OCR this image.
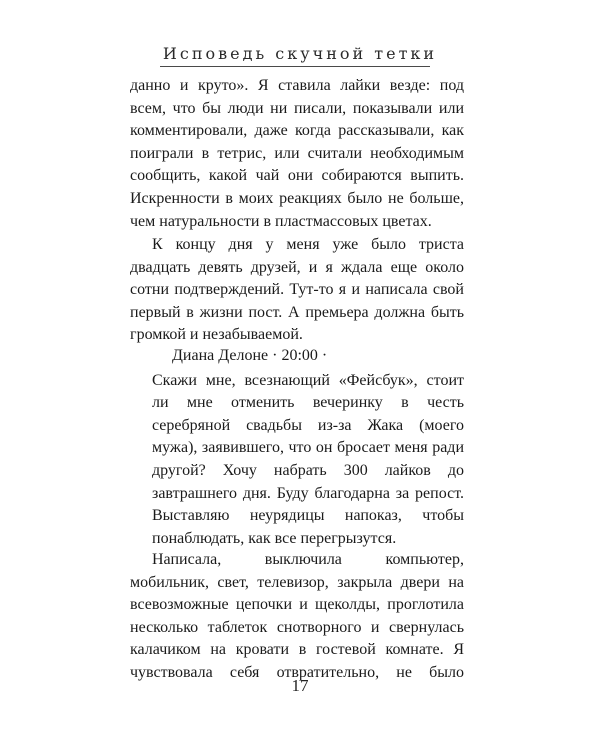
Исповедь скучной тетки

данно и круто». Я ставила лайки везде: под всем, что бы люди ни писали, показывали или комментировали, даже когда рассказывали, как поиграли в тетрис, или считали необходимым сообщить, какой чай они собираются выпить. Искренности в моих реакциях было не больше, чем натуральности в пластмассовых цветах.

К концу дня у меня уже было триста двадцать девять друзей, и я ждала еще около сотни подтверждений. Тут-то я и написала свой первый в жизни пост. А премьера должна быть громкой и незабываемой.

Диана Делоне · 20:00 ·

Скажи мне, всезнающий «Фейсбук», стоит ли мне отменить вечеринку в честь серебряной свадьбы из-за Жака (моего мужа), заявившего, что он бросает меня ради другой? Хочу набрать 300 лайков до завтрашнего дня. Буду благодарна за репост. Выставляю неурядицы напоказ, чтобы понаблюдать, как все перегрызутся.

Написала, выключила компьютер, мобильник, свет, телевизор, закрыла двери на всевозможные цепочки и щеколды, проглотила несколько таблеток снотворного и свернулась калачиком на кровати в гостевой комнате. Я чувствовала себя отвратительно, не было

17
